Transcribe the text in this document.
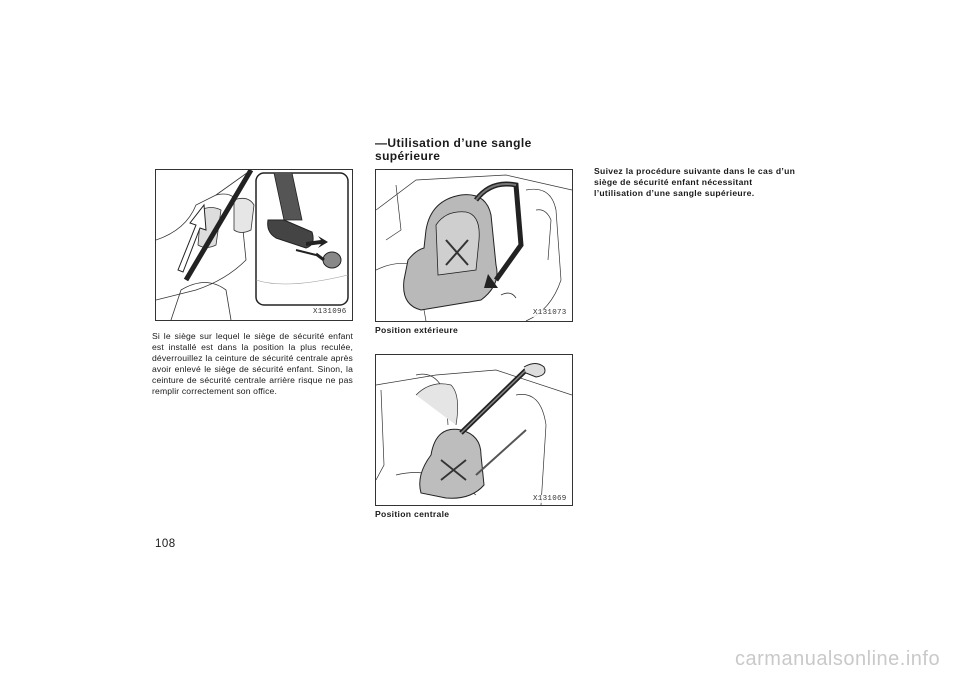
—Utilisation d’une sangle supérieure
X131096
Si le siège sur lequel le siège de sécurité enfant est installé est dans la position la plus reculée, déverrouillez la ceinture de sécurité centrale après avoir enlevé le siège de sécurité enfant. Sinon, la ceinture de sécurité centrale arrière risque ne pas remplir correctement son office.
X131073
Position extérieure
X131069
Position centrale
Suivez la procédure suivante dans le cas d’un siège de sécurité enfant nécessitant l’utilisation d’une sangle supérieure.
108
carmanualsonline.info
